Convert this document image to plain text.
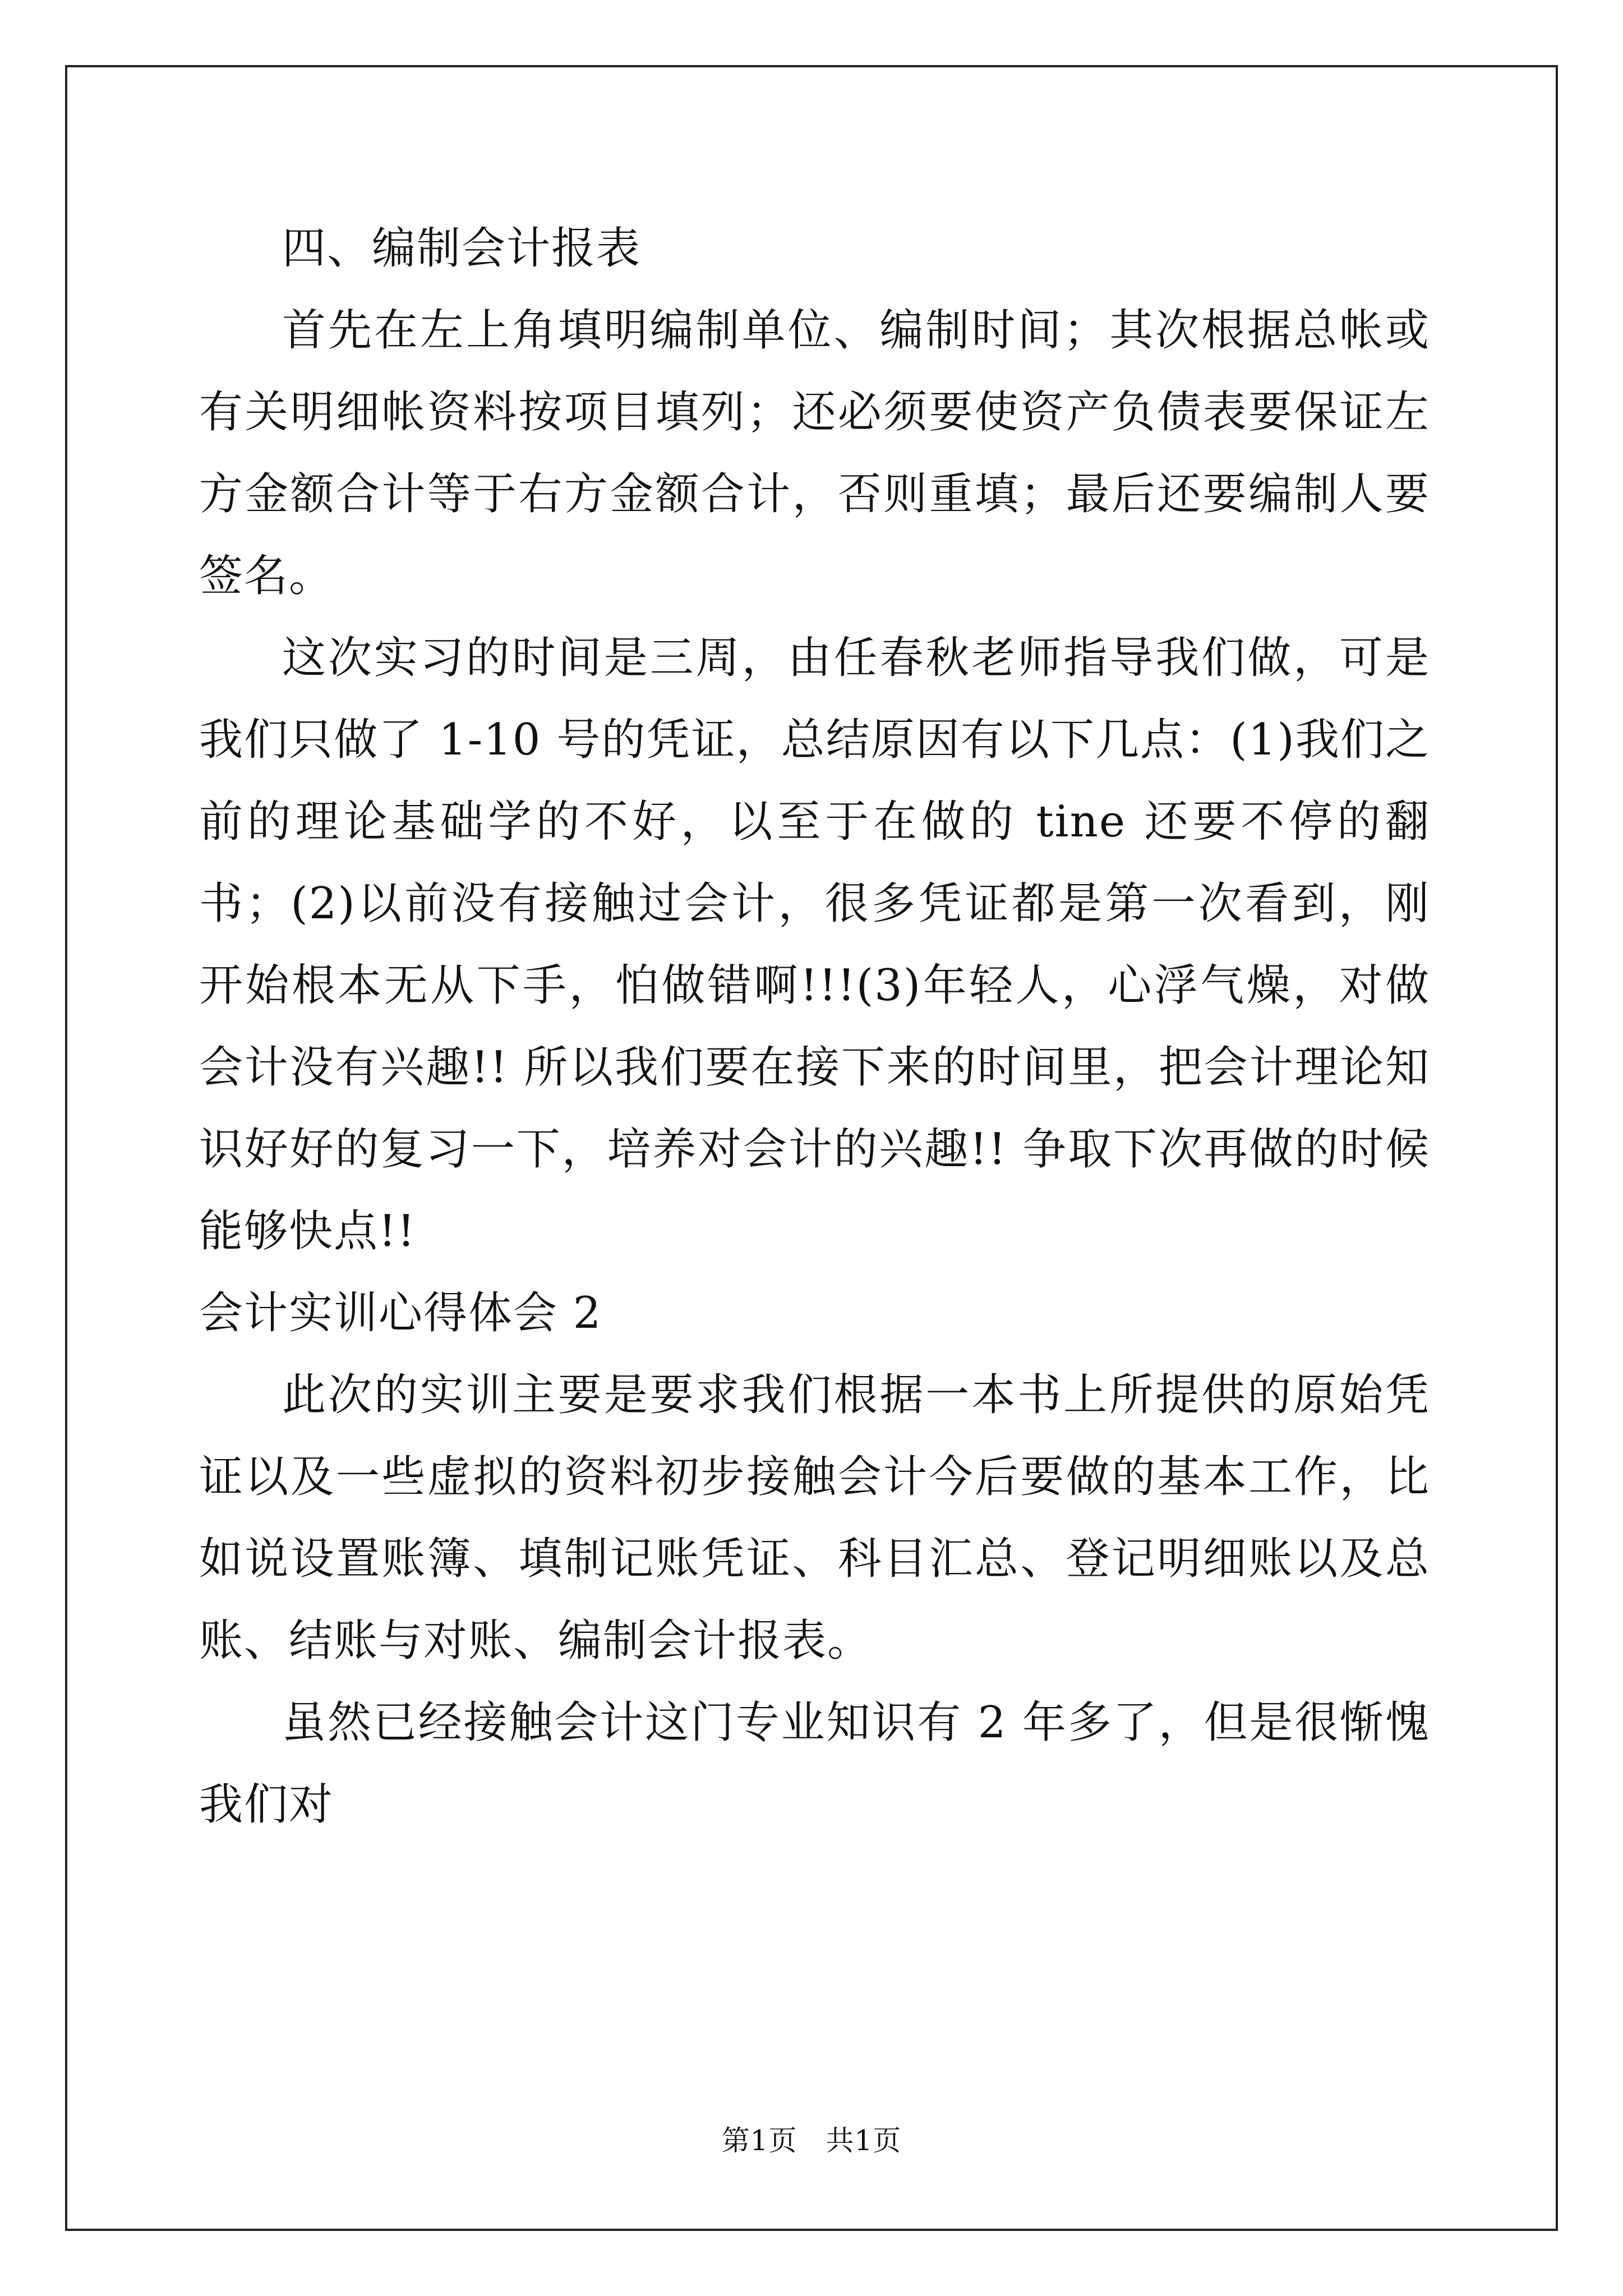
四、编制会计报表

首先在左上角填明编制单位、编制时间；其次根据总帐或有关明细帐资料按项目填列；还必须要使资产负债表要保证左方金额合计等于右方金额合计，否则重填；最后还要编制人要签名。

这次实习的时间是三周，由任春秋老师指导我们做，可是我们只做了 1-10 号的凭证，总结原因有以下几点：(1)我们之前的理论基础学的不好，以至于在做的 tine 还要不停的翻书；(2)以前没有接触过会计，很多凭证都是第一次看到，刚开始根本无从下手，怕做错啊!!!(3)年轻人，心浮气燥，对做会计没有兴趣!! 所以我们要在接下来的时间里，把会计理论知识好好的复习一下，培养对会计的兴趣!! 争取下次再做的时候能够快点!!

会计实训心得体会 2

此次的实训主要是要求我们根据一本书上所提供的原始凭证以及一些虚拟的资料初步接触会计今后要做的基本工作，比如说设置账簿、填制记账凭证、科目汇总、登记明细账以及总账、结账与对账、编制会计报表。

虽然已经接触会计这门专业知识有 2 年多了，但是很惭愧我们对

第1页　共1页
